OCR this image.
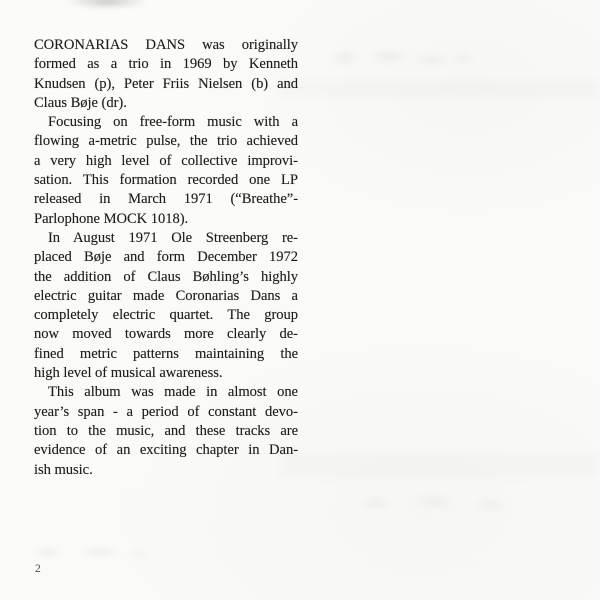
CORONARIAS DANS was originally
formed as a trio in 1969 by Kenneth
Knudsen (p), Peter Friis Nielsen (b) and
Claus Bøje (dr).
Focusing on free-form music with a
flowing a-metric pulse, the trio achieved
a very high level of collective improvi-
sation. This formation recorded one LP
released in March 1971 (“Breathe”-
Parlophone MOCK 1018).
In August 1971 Ole Streenberg re-
placed Bøje and form December 1972
the addition of Claus Bøhling’s highly
electric guitar made Coronarias Dans a
completely electric quartet. The group
now moved towards more clearly de-
fined metric patterns maintaining the
high level of musical awareness.
This album was made in almost one
year’s span - a period of constant devo-
tion to the music, and these tracks are
evidence of an exciting chapter in Dan-
ish music.
2
